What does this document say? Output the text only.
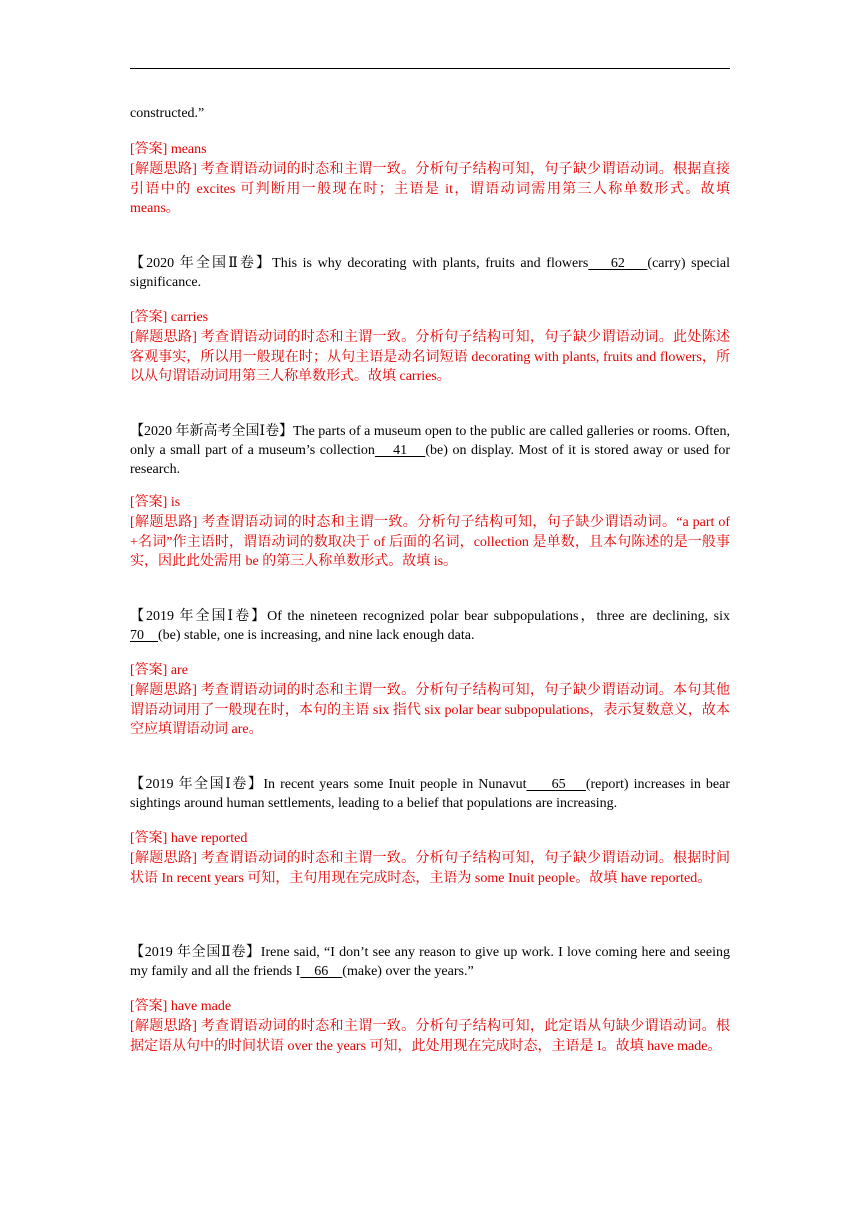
constructed.”
[答案] means
[解题思路] 考查谓语动词的时态和主谓一致。分析句子结构可知，句子缺少谓语动词。根据直接引语中的 excites 可判断用一般现在时；主语是 it，谓语动词需用第三人称单数形式。故填 means。
【2020 年全国Ⅱ卷】This is why decorating with plants, fruits and flowers    62    (carry) special significance.
[答案] carries
[解题思路] 考查谓语动词的时态和主谓一致。分析句子结构可知，句子缺少谓语动词。此处陈述客观事实，所以用一般现在时；从句主语是动名词短语 decorating with plants, fruits and flowers，所以从句谓语动词用第三人称单数形式。故填 carries。
【2020 年新高考全国Ⅰ卷】The parts of a museum open to the public are called galleries or rooms. Often, only a small part of a museum’s collection    41    (be) on display. Most of it is stored away or used for research.
[答案] is
[解题思路] 考查谓语动词的时态和主谓一致。分析句子结构可知，句子缺少谓语动词。“a part of +名词”作主语时，谓语动词的数取决于 of 后面的名词，collection 是单数，且本句陈述的是一般事实，因此此处需用 be 的第三人称单数形式。故填 is。
【2019 年全国Ⅰ卷】Of the nineteen recognized polar bear subpopulations，three are declining, six 70    (be) stable, one is increasing, and nine lack enough data.
[答案] are
[解题思路] 考查谓语动词的时态和主谓一致。分析句子结构可知，句子缺少谓语动词。本句其他谓语动词用了一般现在时，本句的主语 six 指代 six polar bear subpopulations，表示复数意义，故本空应填谓语动词 are。
【2019 年全国Ⅰ卷】In recent years some Inuit people in Nunavut     65    (report) increases in bear sightings around human settlements, leading to a belief that populations are increasing.
[答案] have reported
[解题思路] 考查谓语动词的时态和主谓一致。分析句子结构可知，句子缺少谓语动词。根据时间状语 In recent years 可知，主句用现在完成时态，主语为 some Inuit people。故填 have reported。
【2019 年全国Ⅱ卷】Irene said, “I don’t see any reason to give up work. I love coming here and seeing my family and all the friends I    66    (make) over the years.”
[答案] have made
[解题思路] 考查谓语动词的时态和主谓一致。分析句子结构可知，此定语从句缺少谓语动词。根据定语从句中的时间状语 over the years 可知，此处用现在完成时态，主语是 I。故填 have made。
